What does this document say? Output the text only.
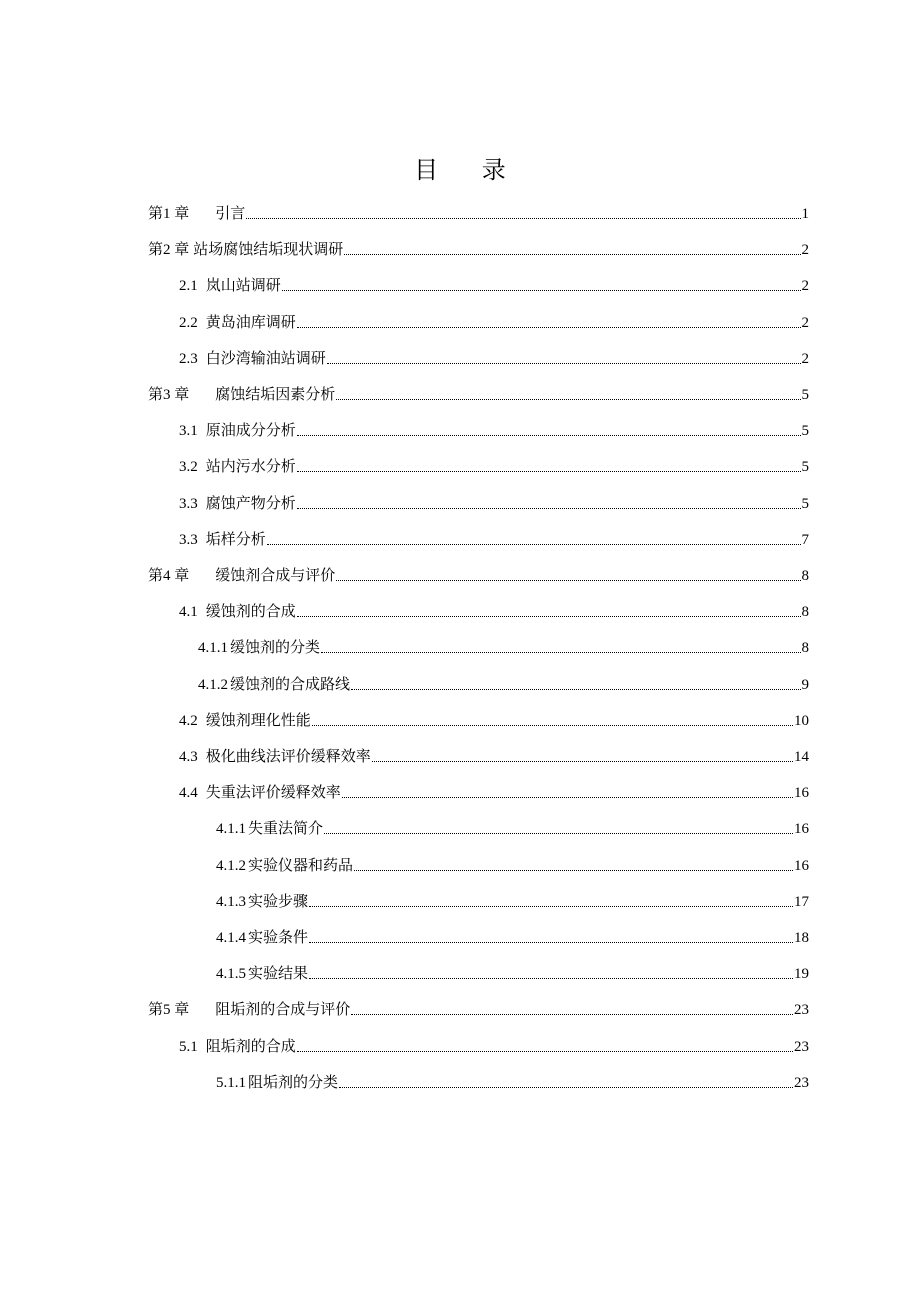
目 录
第1 章 引言	1
第2 章 站场腐蚀结垢现状调研	2
2.1 岚山站调研	2
2.2 黄岛油库调研	2
2.3 白沙湾输油站调研	2
第3 章 腐蚀结垢因素分析	5
3.1 原油成分分析	5
3.2 站内污水分析	5
3.3 腐蚀产物分析	5
3.3 垢样分析	7
第4 章 缓蚀剂合成与评价	8
4.1 缓蚀剂的合成	8
4.1.1 缓蚀剂的分类	8
4.1.2 缓蚀剂的合成路线	9
4.2 缓蚀剂理化性能	10
4.3 极化曲线法评价缓释效率	14
4.4 失重法评价缓释效率	16
4.1.1 失重法简介	16
4.1.2 实验仪器和药品	16
4.1.3 实验步骤	17
4.1.4 实验条件	18
4.1.5 实验结果	19
第5 章 阻垢剂的合成与评价	23
5.1 阻垢剂的合成	23
5.1.1 阻垢剂的分类	23
